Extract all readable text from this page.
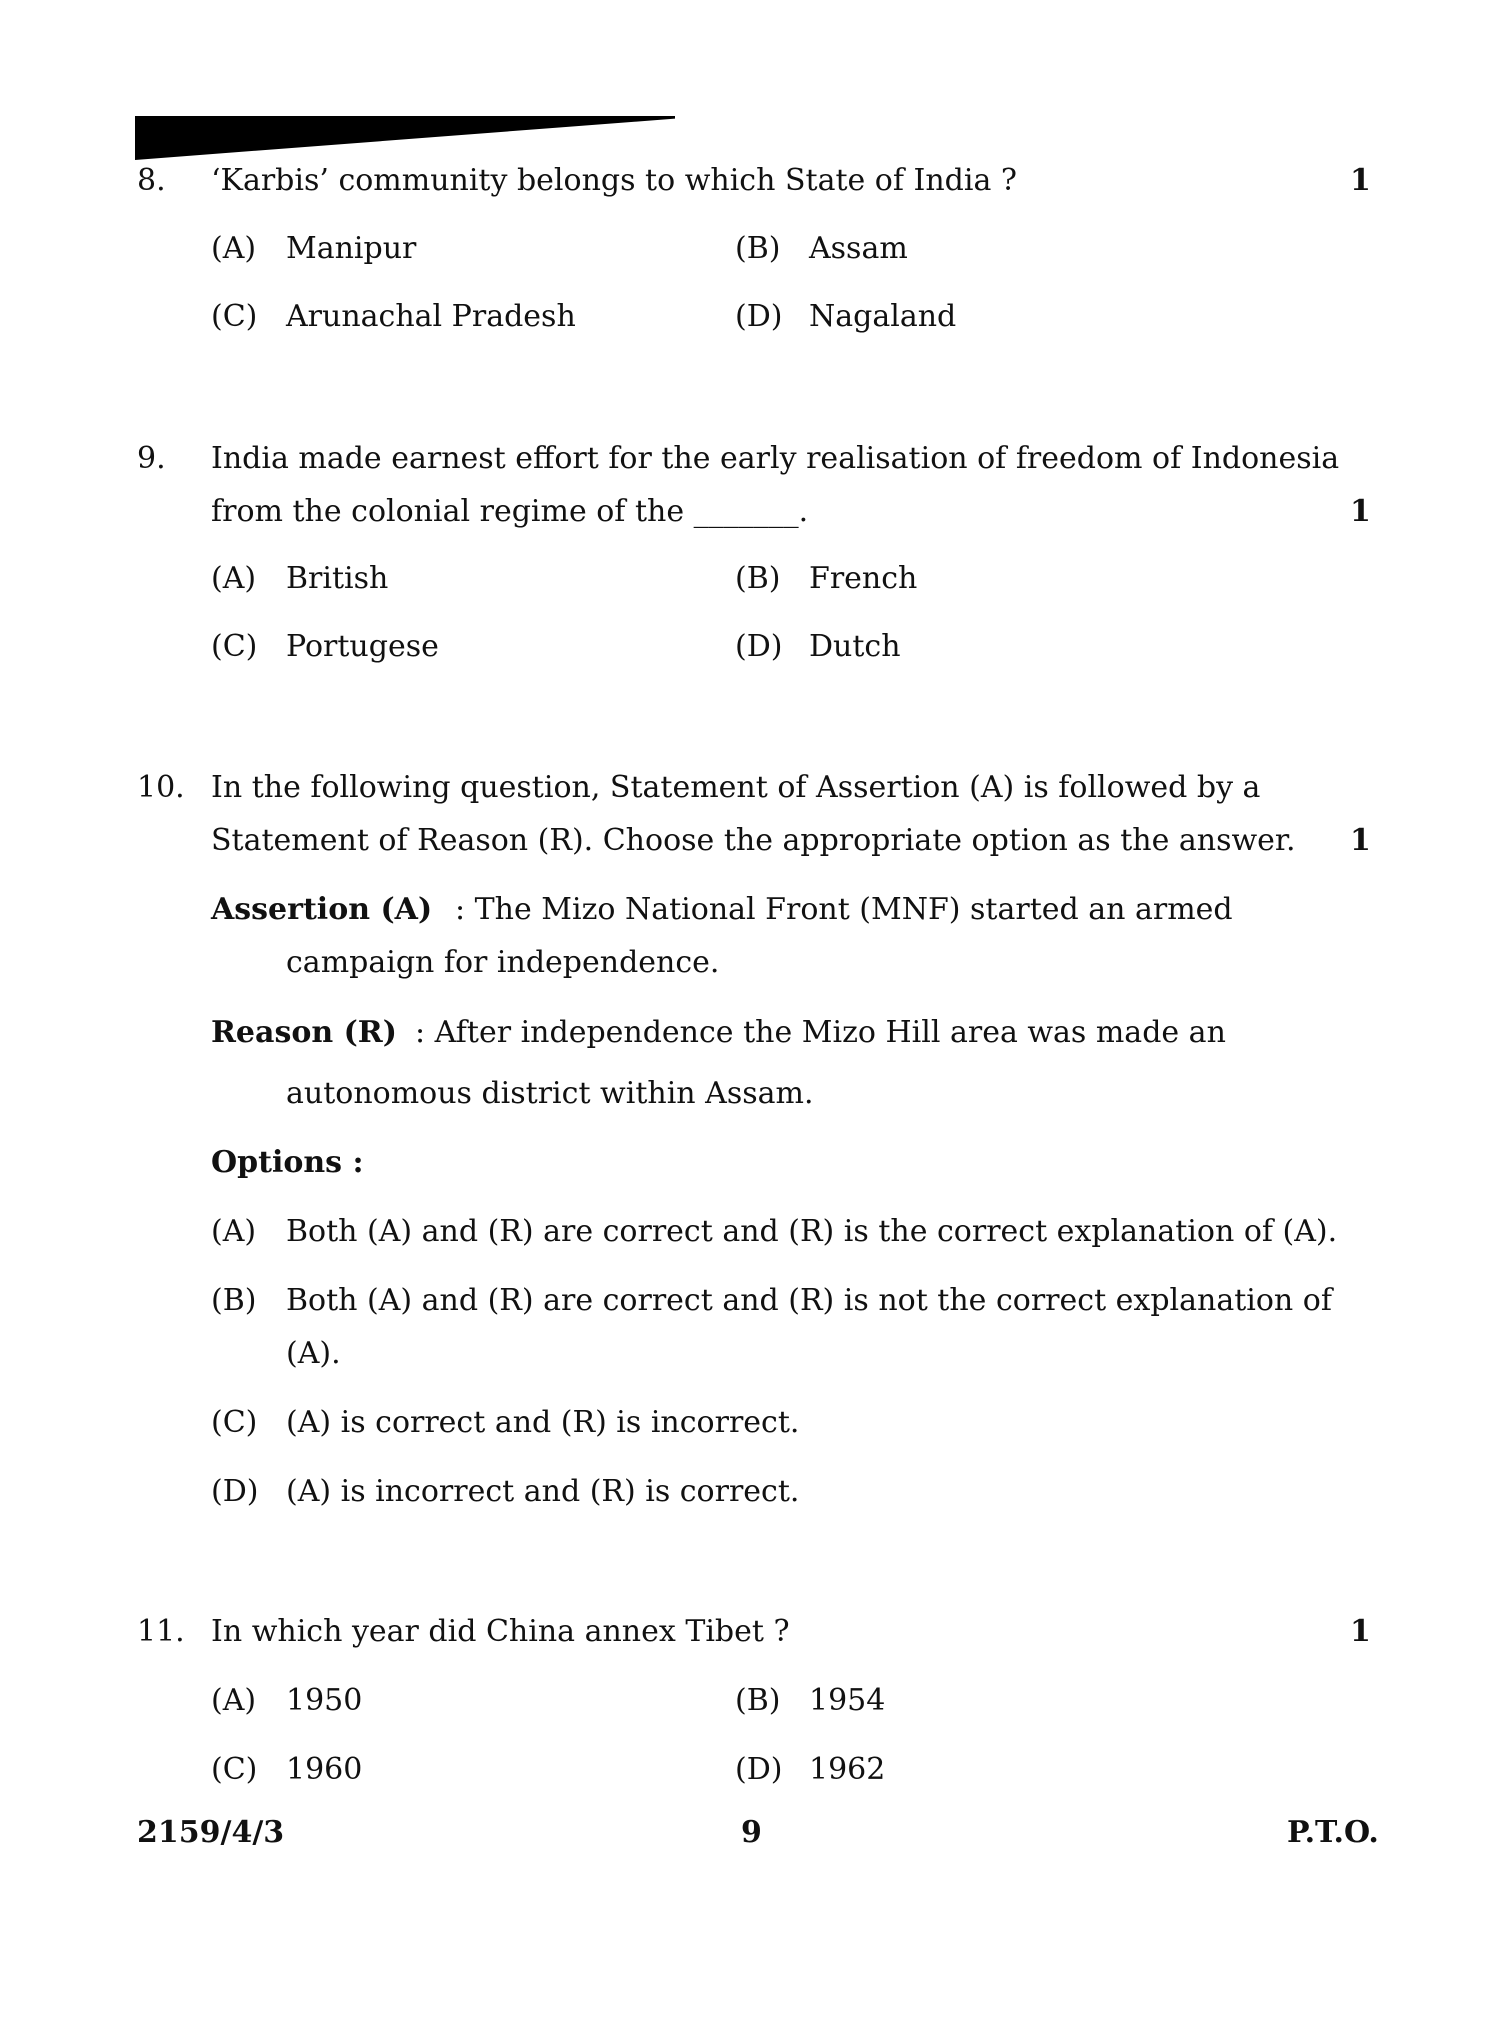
8. ‘Karbis’ community belongs to which State of India ?	1
(A) Manipur	(B) Assam
(C) Arunachal Pradesh	(D) Nagaland
9. India made earnest effort for the early realisation of freedom of Indonesia
from the colonial regime of the _______.	1
(A) British	(B) French
(C) Portugese	(D) Dutch
10. In the following question, Statement of Assertion (A) is followed by a
Statement of Reason (R). Choose the appropriate option as the answer. 1
Assertion (A) : The Mizo National Front (MNF) started an armed
campaign for independence.
Reason (R) : After independence the Mizo Hill area was made an
autonomous district within Assam.
Options :
(A) Both (A) and (R) are correct and (R) is the correct explanation of (A).
(B) Both (A) and (R) are correct and (R) is not the correct explanation of
(A).
(C) (A) is correct and (R) is incorrect.
(D) (A) is incorrect and (R) is correct.
11. In which year did China annex Tibet ?	1
(A) 1950	(B) 1954
(C) 1960	(D) 1962
2159/4/3	9	P.T.O.
